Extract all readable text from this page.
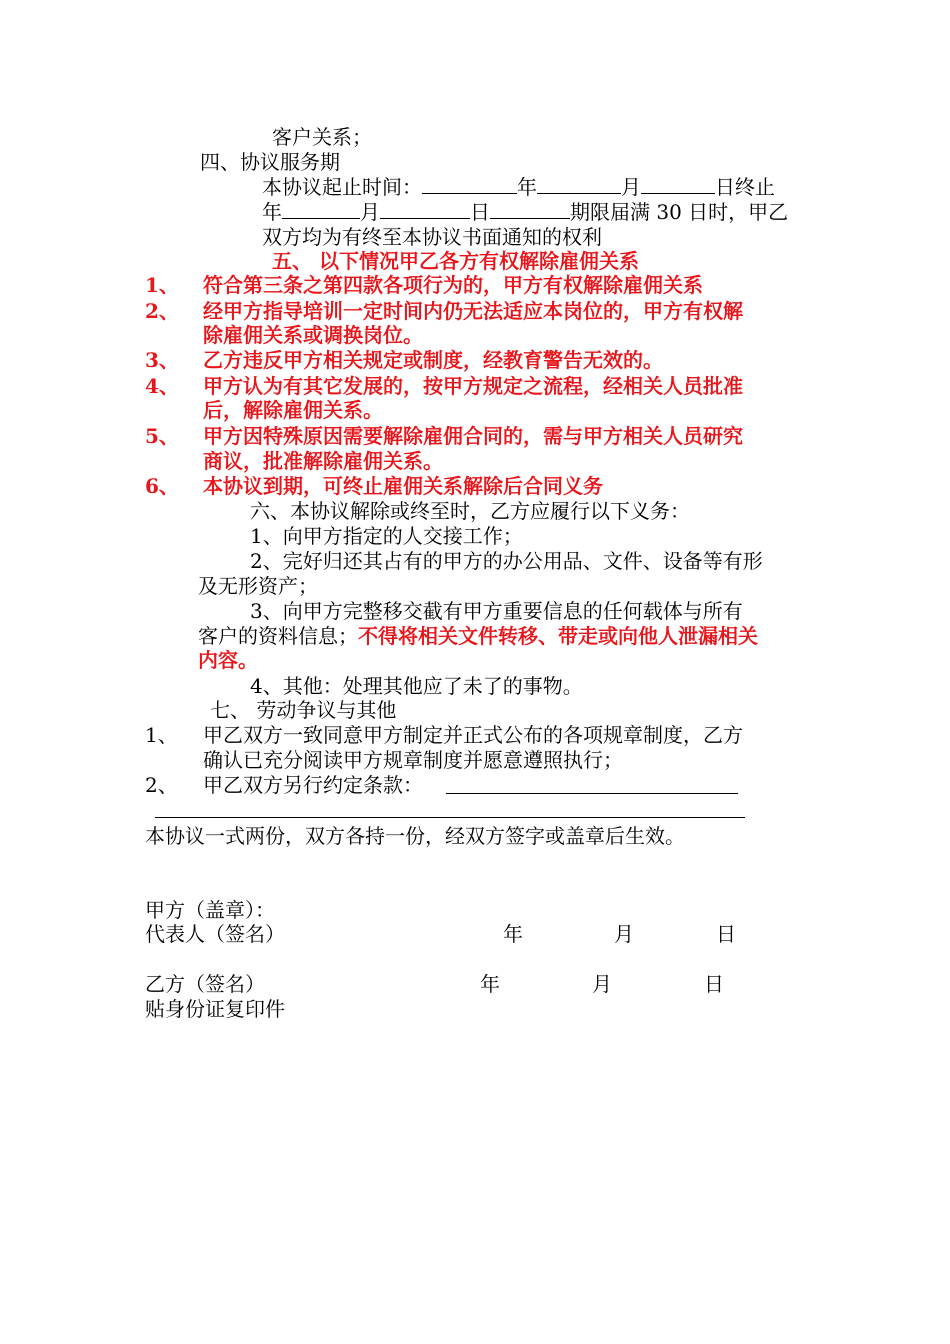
客户关系；
四、协议服务期
本协议起止时间：	年	月	日终止
年	月	日	期限届满 30 日时，甲乙
双方均为有终至本协议书面通知的权利
五、 以下情况甲乙各方有权解除雇佣关系
1、 符合第三条之第四款各项行为的，甲方有权解除雇佣关系
2、 经甲方指导培训一定时间内仍无法适应本岗位的，甲方有权解
除雇佣关系或调换岗位。
3、 乙方违反甲方相关规定或制度，经教育警告无效的。
4、 甲方认为有其它发展的，按甲方规定之流程，经相关人员批准
后，解除雇佣关系。
5、 甲方因特殊原因需要解除雇佣合同的，需与甲方相关人员研究
商议，批准解除雇佣关系。
6、 本协议到期，可终止雇佣关系解除后合同义务
六、本协议解除或终至时，乙方应履行以下义务：
1、向甲方指定的人交接工作；
2、完好归还其占有的甲方的办公用品、文件、设备等有形
及无形资产；
3、向甲方完整移交截有甲方重要信息的任何载体与所有
客户的资料信息；不得将相关文件转移、带走或向他人泄漏相关
内容。
4、其他：处理其他应了未了的事物。
七、 劳动争议与其他
1、 甲乙双方一致同意甲方制定并正式公布的各项规章制度，乙方
确认已充分阅读甲方规章制度并愿意遵照执行；
2、 甲乙双方另行约定条款：
本协议一式两份，双方各持一份，经双方签字或盖章后生效。
甲方（盖章）：
代表人（签名）	年	月	日
乙方（签名）	年	月	日
贴身份证复印件
